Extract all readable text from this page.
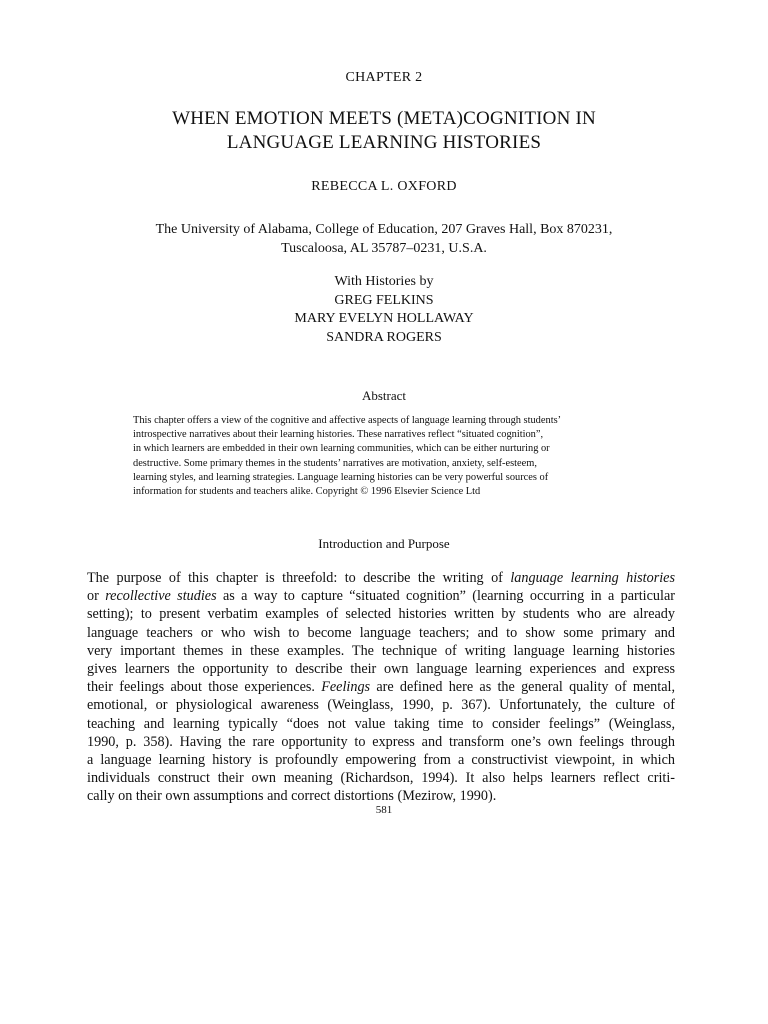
CHAPTER 2

WHEN EMOTION MEETS (META)COGNITION IN
LANGUAGE LEARNING HISTORIES

REBECCA L. OXFORD

The University of Alabama, College of Education, 207 Graves Hall, Box 870231,
Tuscaloosa, AL 35787–0231, U.S.A.

With Histories by
GREG FELKINS
MARY EVELYN HOLLAWAY
SANDRA ROGERS

Abstract

This chapter offers a view of the cognitive and affective aspects of language learning through students’
introspective narratives about their learning histories. These narratives reflect “situated cognition”,
in which learners are embedded in their own learning communities, which can be either nurturing or
destructive. Some primary themes in the students’ narratives are motivation, anxiety, self-esteem,
learning styles, and learning strategies. Language learning histories can be very powerful sources of
information for students and teachers alike. Copyright © 1996 Elsevier Science Ltd

Introduction and Purpose

The purpose of this chapter is threefold: to describe the writing of language learning histories
or recollective studies as a way to capture “situated cognition” (learning occurring in a particular
setting); to present verbatim examples of selected histories written by students who are already
language teachers or who wish to become language teachers; and to show some primary and
very important themes in these examples. The technique of writing language learning histories
gives learners the opportunity to describe their own language learning experiences and express
their feelings about those experiences. Feelings are defined here as the general quality of mental,
emotional, or physiological awareness (Weinglass, 1990, p. 367). Unfortunately, the culture of
teaching and learning typically “does not value taking time to consider feelings” (Weinglass,
1990, p. 358). Having the rare opportunity to express and transform one’s own feelings through
a language learning history is profoundly empowering from a constructivist viewpoint, in which
individuals construct their own meaning (Richardson, 1994). It also helps learners reflect criti-
cally on their own assumptions and correct distortions (Mezirow, 1990).

581
